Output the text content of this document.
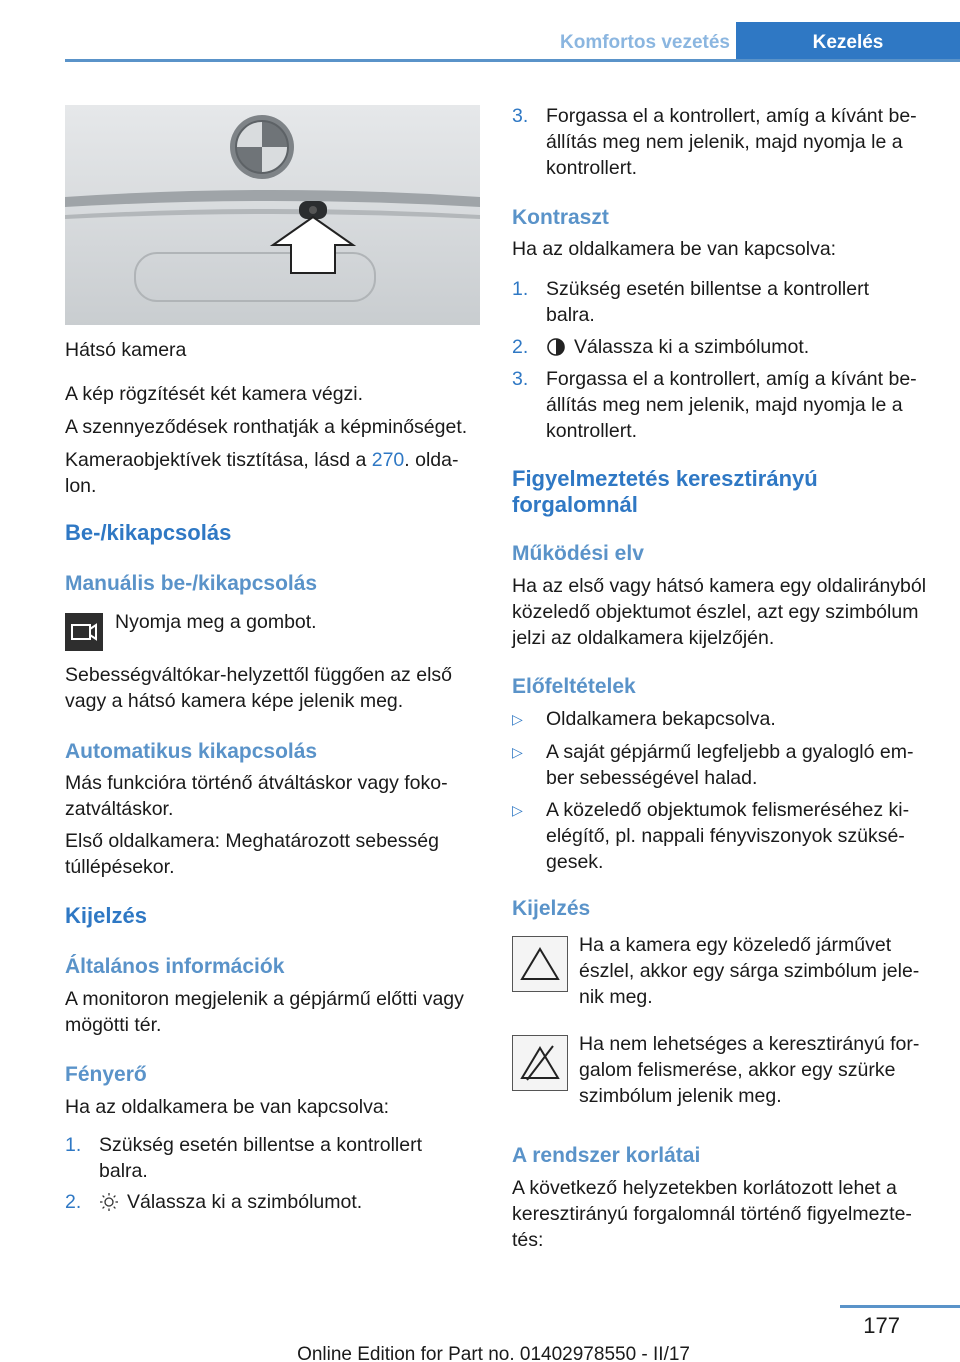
Komfortos vezetés	Kezelés
Hátsó kamera
A kép rögzítését két kamera végzi.
A szennyeződések ronthatják a képminőséget.
Kameraobjektívek tisztítása, lásd a 270. olda‐
lon.
Be-/kikapcsolás
Manuális be-/kikapcsolás
Nyomja meg a gombot.
Sebességváltókar-helyzettől függően az első
vagy a hátsó kamera képe jelenik meg.
Automatikus kikapcsolás
Más funkcióra történő átváltáskor vagy foko‐
zatváltáskor.
Első oldalkamera: Meghatározott sebesség
túllépésekor.
Kijelzés
Általános információk
A monitoron megjelenik a gépjármű előtti vagy
mögötti tér.
Fényerő
Ha az oldalkamera be van kapcsolva:
1. Szükség esetén billentse a kontrollert
balra.
2. Válassza ki a szimbólumot.
3. Forgassa el a kontrollert, amíg a kívánt be‐
állítás meg nem jelenik, majd nyomja le a
kontrollert.
Kontraszt
Ha az oldalkamera be van kapcsolva:
1. Szükség esetén billentse a kontrollert
balra.
2. Válassza ki a szimbólumot.
3. Forgassa el a kontrollert, amíg a kívánt be‐
állítás meg nem jelenik, majd nyomja le a
kontrollert.
Figyelmeztetés keresztirányú
forgalomnál
Működési elv
Ha az első vagy hátsó kamera egy oldalirányból
közeledő objektumot észlel, azt egy szimbólum
jelzi az oldalkamera kijelzőjén.
Előfeltételek
▷ Oldalkamera bekapcsolva.
▷ A saját gépjármű legfeljebb a gyalogló em‐
ber sebességével halad.
▷ A közeledő objektumok felismeréséhez ki‐
elégítő, pl. nappali fényviszonyok szüksé‐
gesek.
Kijelzés
Ha a kamera egy közeledő járművet
észlel, akkor egy sárga szimbólum jele‐
nik meg.
Ha nem lehetséges a keresztirányú for‐
galom felismerése, akkor egy szürke
szimbólum jelenik meg.
A rendszer korlátai
A következő helyzetekben korlátozott lehet a
keresztirányú forgalomnál történő figyelmezte‐
tés:
177
Online Edition for Part no. 01402978550 - II/17
